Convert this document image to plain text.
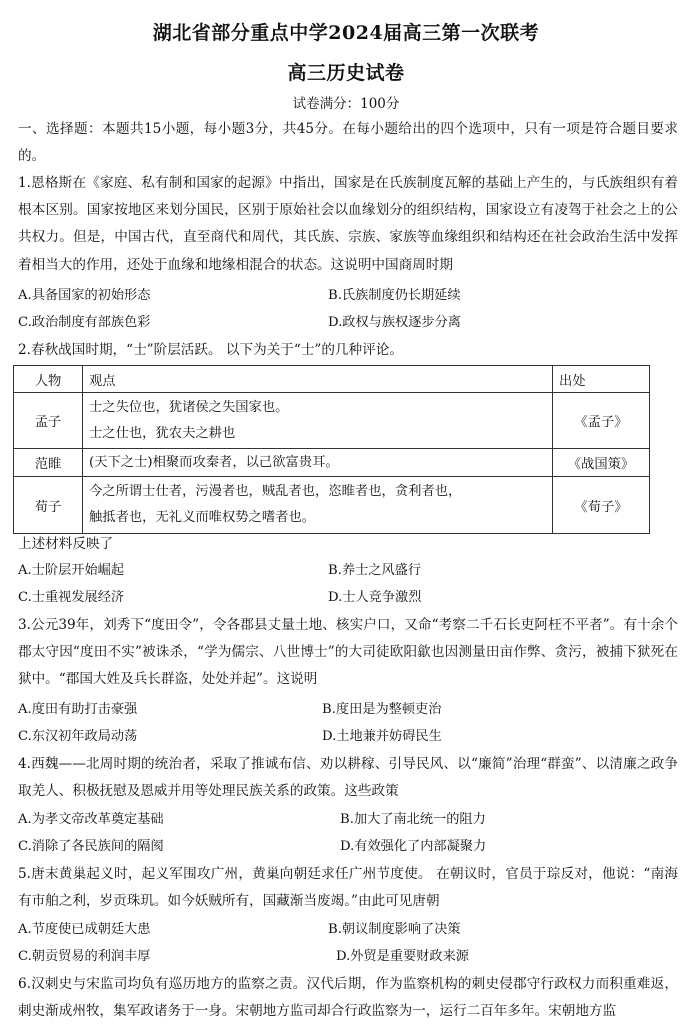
湖北省部分重点中学2024届高三第一次联考
高三历史试卷
试卷满分：100分

一、选择题：本题共15小题，每小题3分，共45分。在每小题给出的四个选项中，只有一项是符合题目要求的。

1.恩格斯在《家庭、私有制和国家的起源》中指出，国家是在氏族制度瓦解的基础上产生的，与氏族组织有着根本区别。国家按地区来划分国民，区别于原始社会以血缘划分的组织结构，国家设立有凌驾于社会之上的公共权力。但是，中国古代，直至商代和周代，其氏族、宗族、家族等血缘组织和结构还在社会政治生活中发挥着相当大的作用，还处于血缘和地缘相混合的状态。这说明中国商周时期

A.具备国家的初始形态	B.氏族制度仍长期延续
C.政治制度有部族色彩	D.政权与族权逐步分离
2.春秋战国时期，“士”阶层活跃。 以下为关于“士”的几种评论。
人物	观点	出处
孟子	士之失位也，犹诸侯之失国家也。
士之仕也，犹农夫之耕也	《孟子》
范睢	(天下之士)相聚而攻秦者，以己欲富贵耳。	《战国策》
荀子	今之所谓士仕者，污漫者也，贼乱者也，恣睢者也，贪利者也，
触抵者也，无礼义而唯权势之嗜者也。	《荀子》
上述材料反映了
A.士阶层开始崛起	B.养士之风盛行
C.士重视发展经济	D.士人竞争激烈

3.公元39年，刘秀下“度田令”，令各郡县丈量土地、核实户口，又命“考察二千石长吏阿枉不平者”。有十余个郡太守因“度田不实”被诛杀，“学为儒宗、八世博士”的大司徒欧阳歙也因测量田亩作弊、贪污，被捕下狱死在狱中。“郡国大姓及兵长群盗，处处并起”。这说明

A.度田有助打击豪强	B.度田是为整顿吏治
C.东汉初年政局动荡	D.土地兼并妨碍民生

4.西魏——北周时期的统治者，采取了推诚布信、劝以耕稼、引导民风、以“廉简”治理“群蛮”、以清廉之政争取羌人、积极抚慰及恩威并用等处理民族关系的政策。这些政策

A.为孝文帝改革奠定基础	B.加大了南北统一的阻力
C.消除了各民族间的隔阂	D.有效强化了内部凝聚力

5.唐末黄巢起义时，起义军围攻广州，黄巢向朝廷求任广州节度使。 在朝议时，官员于琮反对，他说：“南海有市舶之利，岁贡珠玑。如今妖贼所有，国藏渐当废竭。”由此可见唐朝

A.节度使已成朝廷大患	B.朝议制度影响了决策
C.朝贡贸易的利润丰厚	D.外贸是重要财政来源

6.汉刺史与宋监司均负有巡历地方的监察之责。汉代后期，作为监察机构的刺史侵郡守行政权力而积重难返，刺史渐成州牧，集军政诸务于一身。宋朝地方监司却合行政监察为一，运行二百年多年。宋朝地方监
